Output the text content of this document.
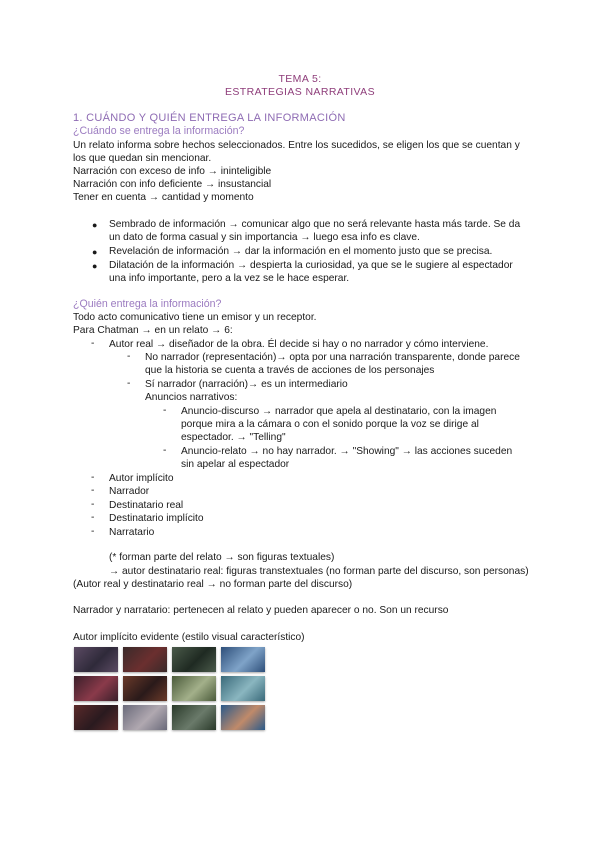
TEMA 5:
ESTRATEGIAS NARRATIVAS
1. CUÁNDO Y QUIÉN ENTREGA LA INFORMACIÓN
¿Cuándo se entrega la información?
Un relato informa sobre hechos seleccionados. Entre los sucedidos, se eligen los que se cuentan y
los que quedan sin mencionar.
Narración con exceso de info → ininteligible
Narración con info deficiente → insustancial
Tener en cuenta → cantidad y momento
● Sembrado de información → comunicar algo que no será relevante hasta más tarde. Se da
un dato de forma casual y sin importancia → luego esa info es clave.
● Revelación de información → dar la información en el momento justo que se precisa.
● Dilatación de la información → despierta la curiosidad, ya que se le sugiere al espectador
una info importante, pero a la vez se le hace esperar.
¿Quién entrega la información?
Todo acto comunicativo tiene un emisor y un receptor.
Para Chatman → en un relato → 6:
- Autor real → diseñador de la obra. Él decide si hay o no narrador y cómo interviene.
- No narrador (representación)→ opta por una narración transparente, donde parece
que la historia se cuenta a través de acciones de los personajes
- Sí narrador (narración)→ es un intermediario
Anuncios narrativos:
- Anuncio-discurso → narrador que apela al destinatario, con la imagen
porque mira a la cámara o con el sonido porque la voz se dirige al
espectador. → "Telling"
- Anuncio-relato → no hay narrador. → "Showing" → las acciones suceden
sin apelar al espectador
- Autor implícito
- Narrador
- Destinatario real
- Destinatario implícito
- Narratario
(* forman parte del relato → son figuras textuales)
→ autor destinatario real: figuras transtextuales (no forman parte del discurso, son personas)
(Autor real y destinatario real → no forman parte del discurso)
Narrador y narratario: pertenecen al relato y pueden aparecer o no. Son un recurso
Autor implícito evidente (estilo visual característico)
